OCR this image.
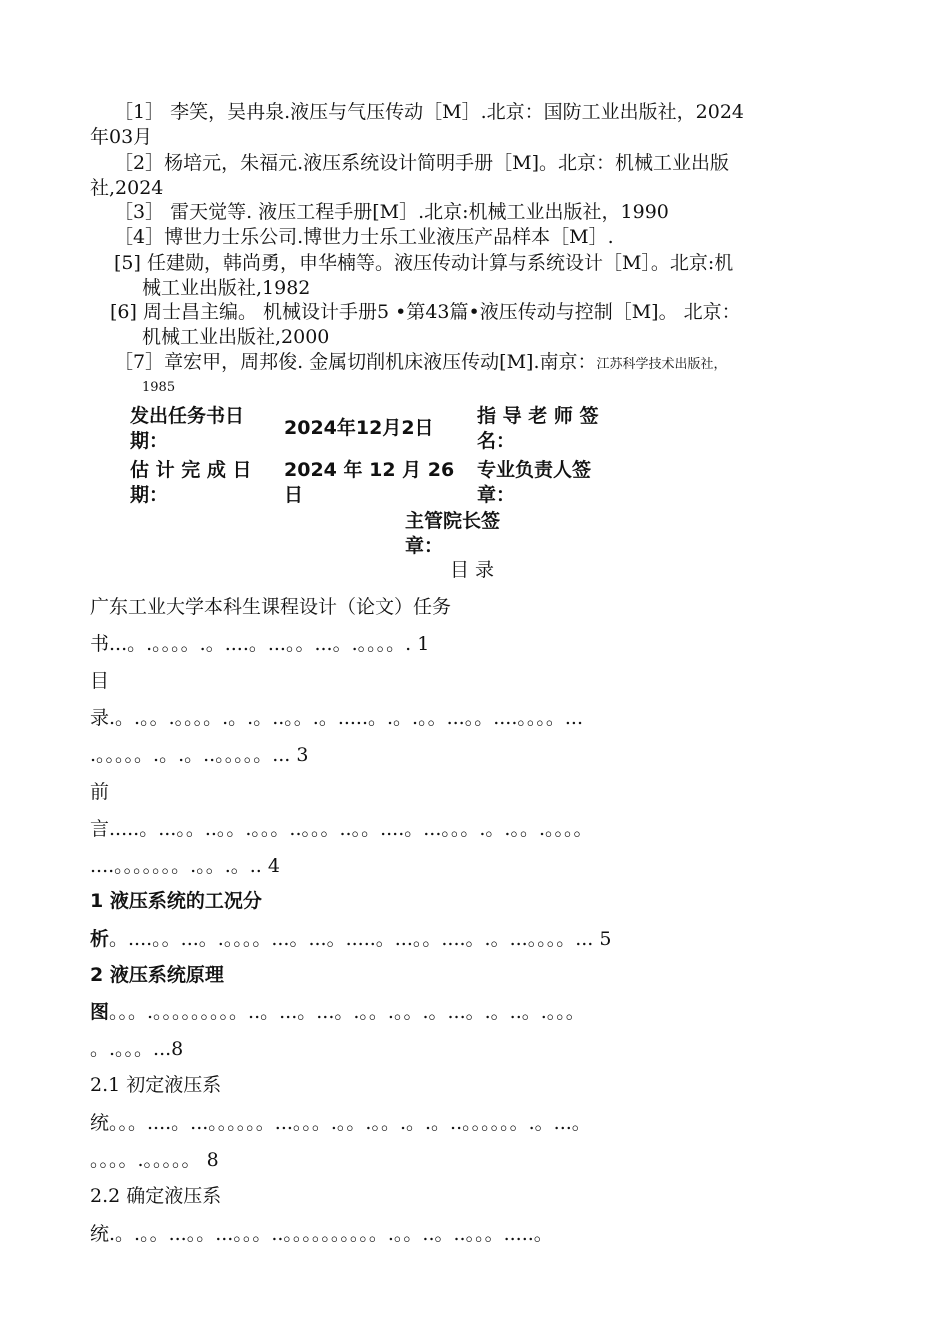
［1］ 李笑，吴冉泉.液压与气压传动［M］.北京：国防工业出版社，2024
年03月
［2］杨培元，朱福元.液压系统设计简明手册［M]。北京：机械工业出版
社,2024
［3］ 雷天觉等. 液压工程手册[M］.北京:机械工业出版社，1990
［4］博世力士乐公司.博世力士乐工业液压产品样本［M］.
[5] 任建勋，韩尚勇，申华楠等。液压传动计算与系统设计［M］。北京:机
械工业出版社,1982
[6] 周士昌主编。 机械设计手册5 •第43篇•液压传动与控制［M]。 北京：
机械工业出版社,2000
［7］章宏甲，周邦俊. 金属切削机床液压传动[M].南京：江苏科学技术出版社，
1985
发出任务书日
期：
2024年12月2日
指 导 老 师 签
名：
估 计 完 成 日
期：
2024 年 12 月 26
日
专业负责人签
章：
主管院长签
章：
目 录
广东工业大学本科生课程设计（论文）任务
书...。.。。。。.。....。...。。...。.。。。。. 1
目
录.。.。。.。。。。.。.。..。。.。.....。.。.。。...。。....。。。。...
.。。。。。.。.。..。。。。。... 3
前
言.....。...。。..。。.。。。..。。。..。。....。...。。。.。.。。.。。。。
....。。。。。。。.。。.。.. 4
1 液压系统的工况分
析。....。。...。.。。。。...。...。.....。...。。....。.。...。。。。... 5
2 液压系统原理
图。。。.。。。。。。。。。..。...。...。.。。.。。.。...。.。..。.。。。
。.。。。...8
2.1 初定液压系
统。。。....。...。。。。。。...。。。.。。.。。.。.。..。。。。。。.。...。
。。。。.。。。。。 8
2.2 确定液压系
统.。.。。...。。...。。。..。。。。。。。。。。.。。..。..。。。.....。
